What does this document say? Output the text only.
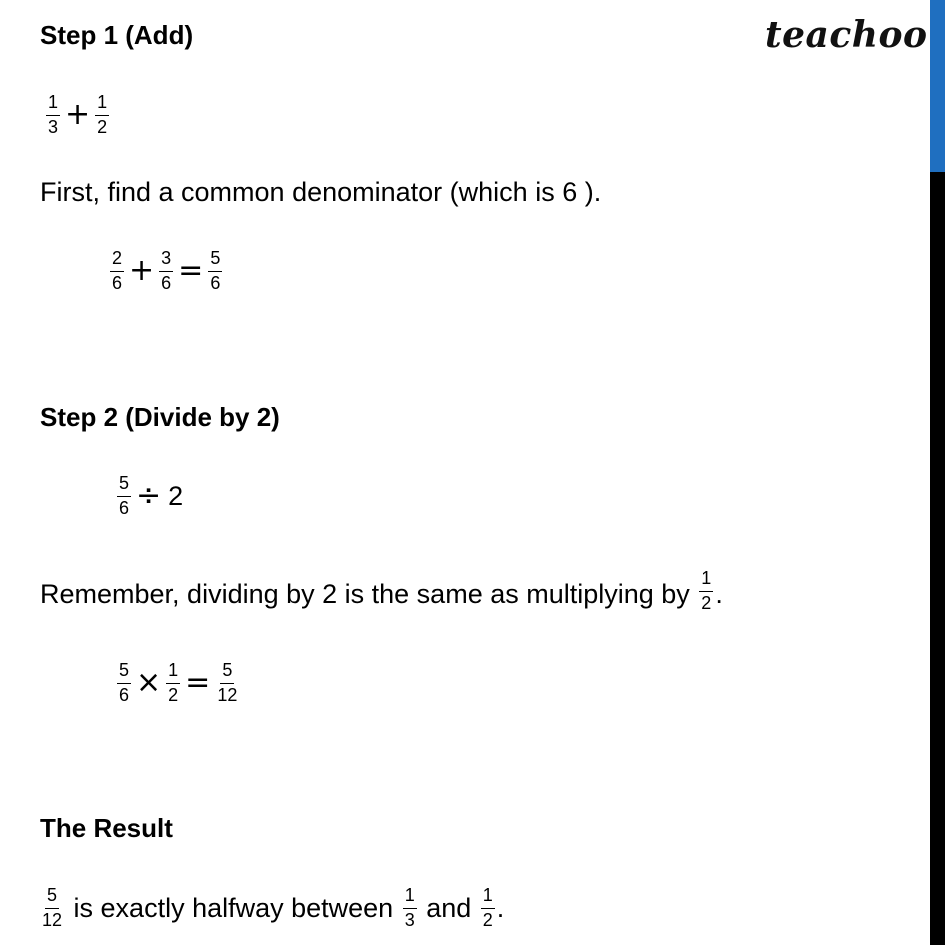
teachoo
Step 1 (Add)
$\frac{1}{3} + \frac{1}{2}$
First, find a common denominator (which is 6 ).
$\frac{2}{6} + \frac{3}{6} = \frac{5}{6}$
Step 2 (Divide by 2)
$\frac{5}{6} \div 2$
Remember, dividing by 2 is the same as multiplying by $\frac{1}{2}$ .
$\frac{5}{6} \times \frac{1}{2} = \frac{5}{12}$
The Result
$\frac{5}{12}$ is exactly halfway between $\frac{1}{3}$ and $\frac{1}{2}$ .
